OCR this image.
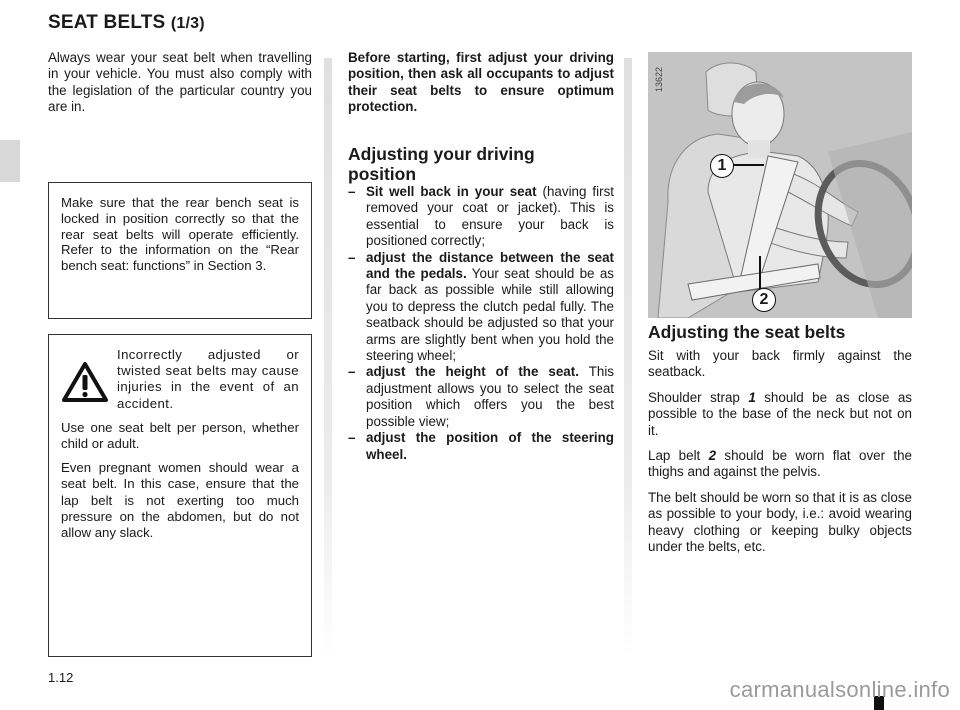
SEAT BELTS (1/3)
Always wear your seat belt when travelling in your vehicle. You must also comply with the legislation of the particular country you are in.
Make sure that the rear bench seat is locked in position correctly so that the rear seat belts will operate efficiently. Refer to the information on the “Rear bench seat: functions” in Section 3.
Incorrectly adjusted or twisted seat belts may cause injuries in the event of an accident.
Use one seat belt per person, whether child or adult.
Even pregnant women should wear a seat belt. In this case, ensure that the lap belt is not exerting too much pressure on the abdomen, but do not allow any slack.
Before starting, first adjust your driving position, then ask all occupants to adjust their seat belts to ensure optimum protection.
Adjusting your driving
position
– Sit well back in your seat (having first removed your coat or jacket). This is essential to ensure your back is positioned correctly;
– adjust the distance between the seat and the pedals. Your seat should be as far back as possible while still allowing you to depress the clutch pedal fully. The seatback should be adjusted so that your arms are slightly bent when you hold the steering wheel;
– adjust the height of the seat. This adjustment allows you to select the seat position which offers you the best possible view;
– adjust the position of the steering wheel.
13622
1
2
Adjusting the seat belts
Sit with your back firmly against the seatback.
Shoulder strap 1 should be as close as possible to the base of the neck but not on it.
Lap belt 2 should be worn flat over the thighs and against the pelvis.
The belt should be worn so that it is as close as possible to your body, i.e.: avoid wearing heavy clothing or keeping bulky objects under the belts, etc.
1.12	carmanualsonline.info
